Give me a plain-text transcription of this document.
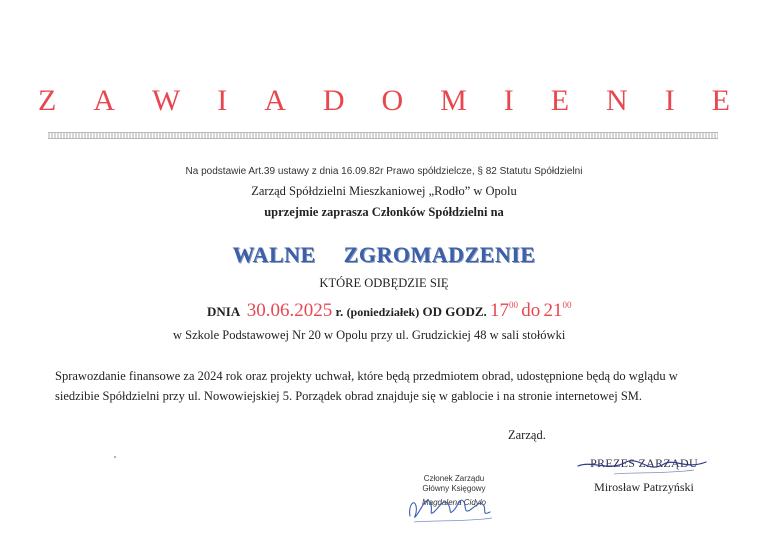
Z A W I A D O M I E N I E
Na podstawie Art.39 ustawy z dnia 16.09.82r Prawo spółdzielcze, § 82 Statutu Spółdzielni
Zarząd Spółdzielni Mieszkaniowej „Rodło” w Opolu
uprzejmie zaprasza Członków Spółdzielni na
WALNE  ZGROMADZENIE
KTÓRE ODBĘDZIE SIĘ
DNIA 30.06.2025 r. (poniedziałek) OD GODZ. $17^{00}$ do $21^{00}$
w Szkole Podstawowej Nr 20 w Opolu przy ul. Grudzickiej 48 w sali stołówki
Sprawozdanie finansowe za 2024 rok oraz projekty uchwał, które będą przedmiotem obrad, udostępnione będą do wglądu w siedzibie Spółdzielni przy ul. Nowowiejskiej 5. Porządek obrad znajduje się w gablocie i na stronie internetowej SM.
Zarząd.
Członek Zarządu
Główny Księgowy
Magdalena Cidyło
PREZES ZARZĄDU
Mirosław Patrzyński
